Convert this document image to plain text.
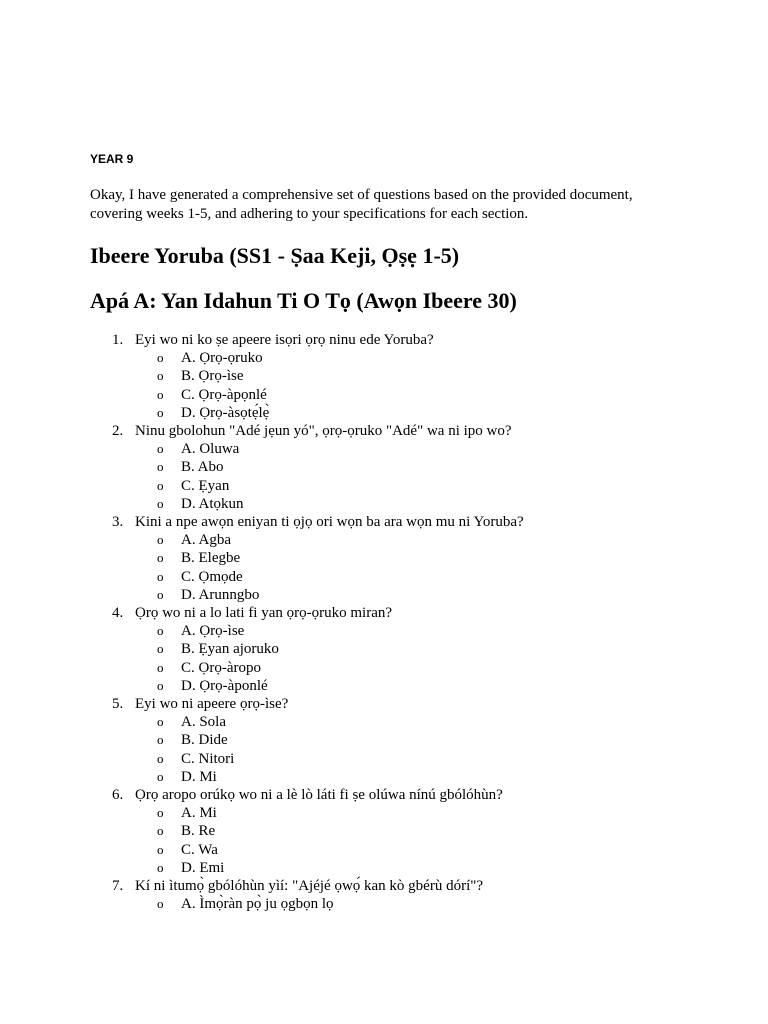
YEAR 9

Okay, I have generated a comprehensive set of questions based on the provided document, covering weeks 1-5, and adhering to your specifications for each section.

Ibeere Yoruba (SS1 - Ṣaa Keji, Ọṣẹ 1-5)
Apá A: Yan Idahun Ti O Tọ (Awọn Ibeere 30)
1. Eyi wo ni ko ṣe apeere isọri ọrọ ninu ede Yoruba?
o A. Ọrọ-ọruko
o B. Ọrọ-ìse
o C. Ọrọ-àpọnlé
o D. Ọrọ-àsọtẹ́lẹ̀
2. Ninu gbolohun "Adé jẹun yó", ọrọ-ọruko "Adé" wa ni ipo wo?
o A. Oluwa
o B. Abo
o C. Ẹyan
o D. Atọkun
3. Kini a npe awọn eniyan ti ọjọ ori wọn ba ara wọn mu ni Yoruba?
o A. Agba
o B. Elegbe
o C. Ọmọde
o D. Arunngbo
4. Ọrọ wo ni a lo lati fi yan ọrọ-ọruko miran?
o A. Ọrọ-ìse
o B. Ẹyan ajoruko
o C. Ọrọ-àropo
o D. Ọrọ-àponlé
5. Eyi wo ni apeere ọrọ-ìse?
o A. Sola
o B. Dide
o C. Nitori
o D. Mi
6. Ọrọ aropo orúkọ wo ni a lè lò láti fi ṣe olúwa nínú gbólóhùn?
o A. Mi
o B. Re
o C. Wa
o D. Emi
7. Kí ni ìtumọ̀ gbólóhùn yìí: "Ajéjé ọwọ́ kan kò gbérù dórí"?
o A. Ìmọ̀ràn pọ̀ ju ọgbọn lọ
